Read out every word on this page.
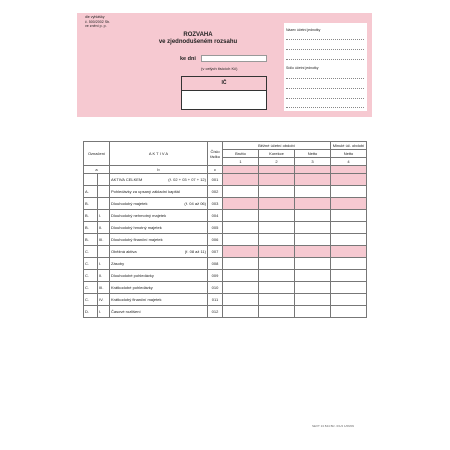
dle vyhlášky
č. 500/2002 Sb.
ve znění p. p.
ROZVAHA
ve zjednodušeném rozsahu
ke dni
(v celých tisících Kč)
IČ
Název účetní jednotky
Sídlo účetní jednotky
Označení		A K T I V A	Číslo
řádku	Běžné účetní období			Minulé úč. období
				Brutto	Korekce	Netto	Netto
				1	2	3	4
a		b	c				

		AKTIVA CELKEM (ř. 02 + 03 + 07 + 12)	001				
A.		Pohledávky za upsaný základní kapitál	002				
B.		Dlouhodobý majetek (ř. 04 až 06)	003				
B.	I.	Dlouhodobý nehmotný majetek	004				
B.	II.	Dlouhodobý hmotný majetek	005				
B.	III.	Dlouhodobý finanční majetek	006				
C.		Oběžná aktiva (ř. 08 až 11)	007				
C.	I.	Zásoby	008				
C.	II.	Dlouhodobé pohledávky	009				
C.	III.	Krátkodobé pohledávky	010				
C.	IV.	Krátkodobý finanční majetek	011				
D.	I.	Časové rozlišení	012				
SEVT 13 844 Biz. 0/1/2 1/06/09
